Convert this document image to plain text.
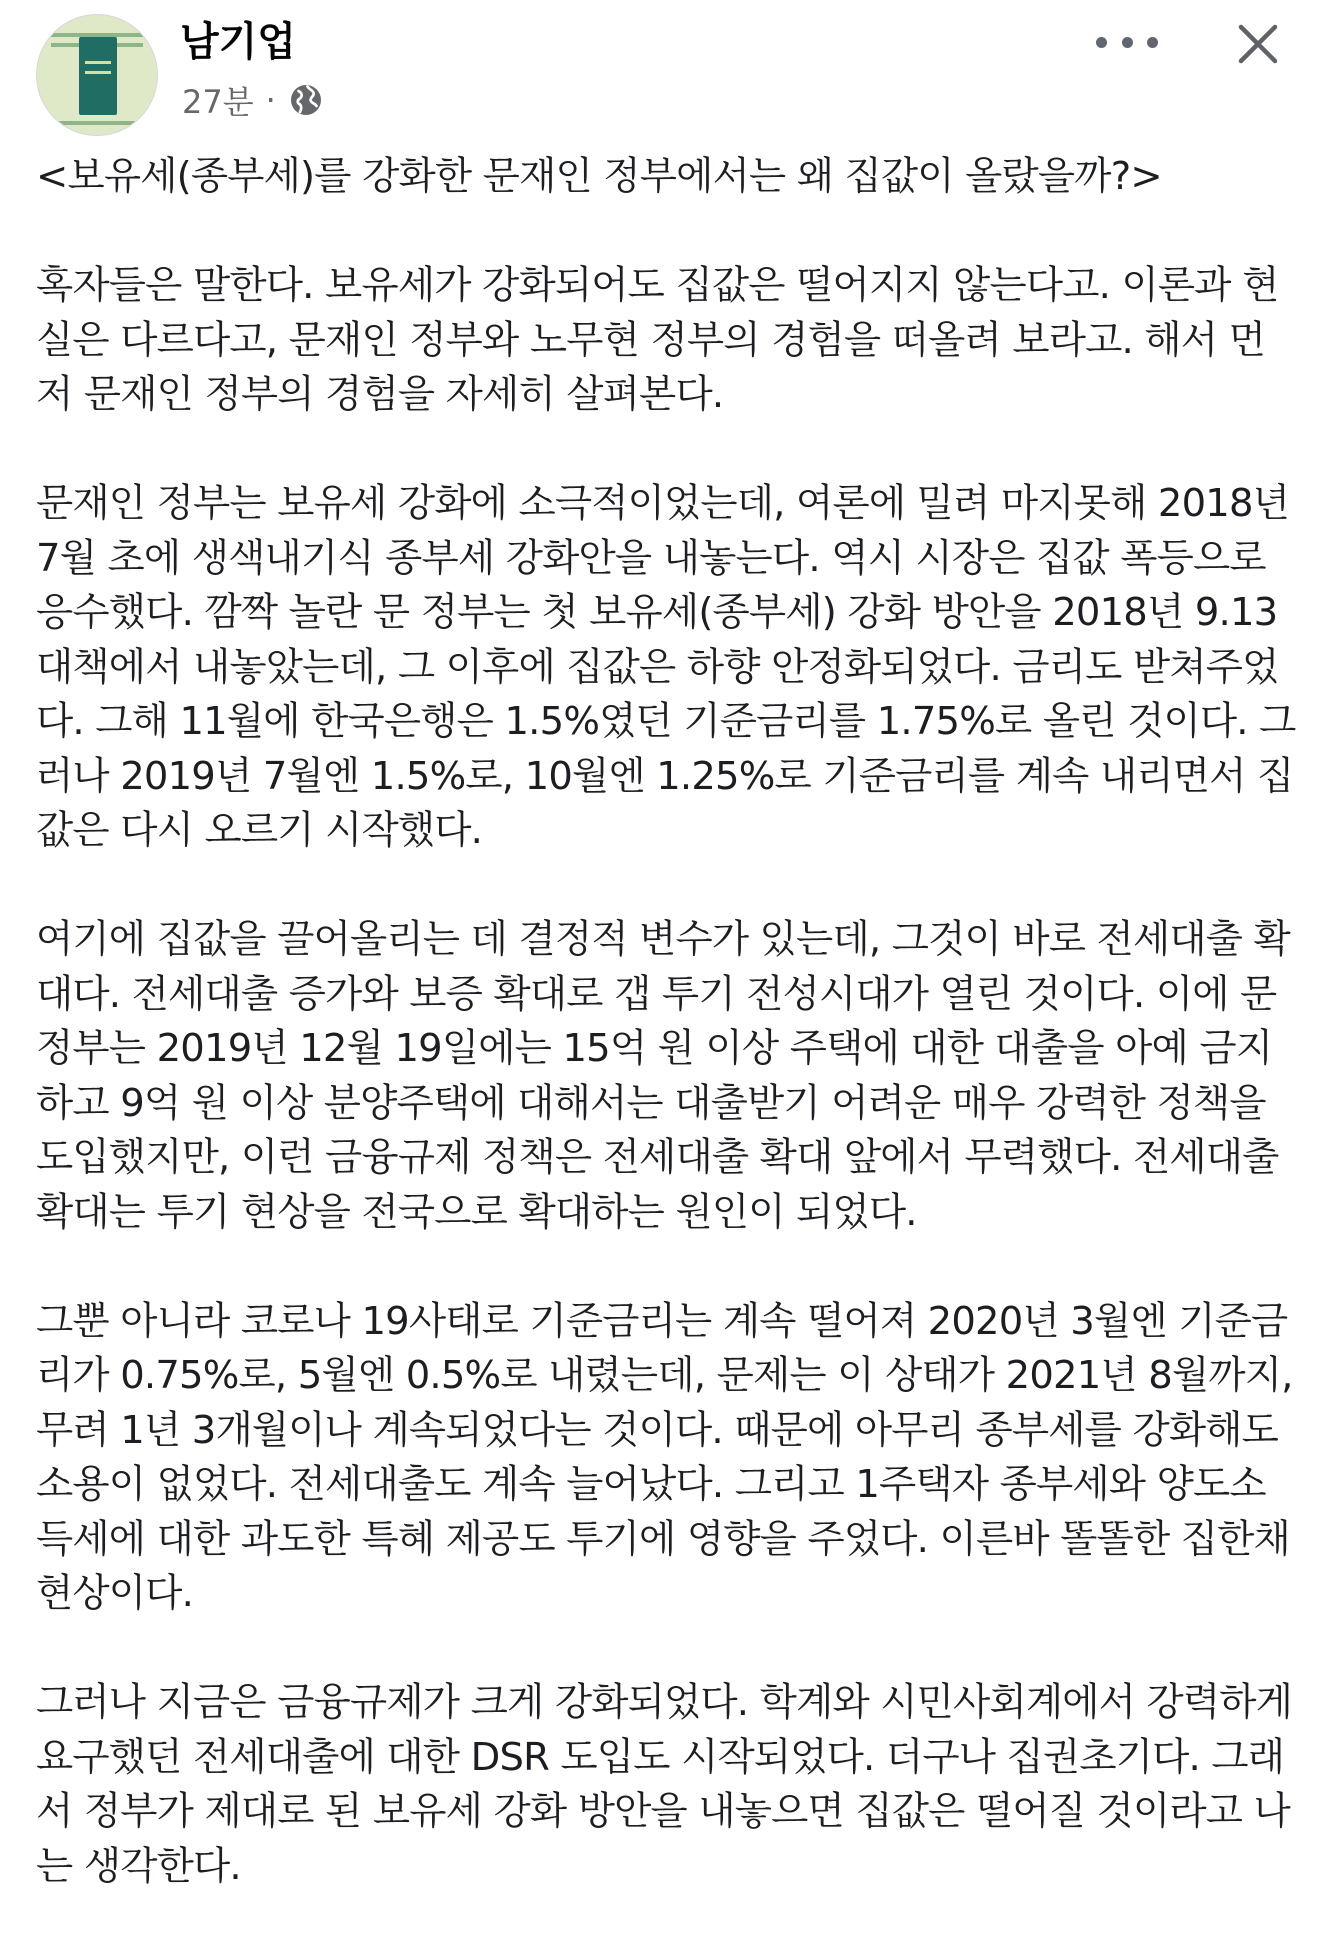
남기업
27분 ·

<보유세(종부세)를 강화한 문재인 정부에서는 왜 집값이 올랐을까?>

혹자들은 말한다. 보유세가 강화되어도 집값은 떨어지지 않는다고. 이론과 현실은 다르다고, 문재인 정부와 노무현 정부의 경험을 떠올려 보라고. 해서 먼저 문재인 정부의 경험을 자세히 살펴본다.

문재인 정부는 보유세 강화에 소극적이었는데, 여론에 밀려 마지못해 2018년 7월 초에 생색내기식 종부세 강화안을 내놓는다. 역시 시장은 집값 폭등으로 응수했다. 깜짝 놀란 문 정부는 첫 보유세(종부세) 강화 방안을 2018년 9.13대책에서 내놓았는데, 그 이후에 집값은 하향 안정화되었다. 금리도 받쳐주었다. 그해 11월에 한국은행은 1.5%였던 기준금리를 1.75%로 올린 것이다. 그러나 2019년 7월엔 1.5%로, 10월엔 1.25%로 기준금리를 계속 내리면서 집값은 다시 오르기 시작했다.

여기에 집값을 끌어올리는 데 결정적 변수가 있는데, 그것이 바로 전세대출 확대다. 전세대출 증가와 보증 확대로 갭 투기 전성시대가 열린 것이다. 이에 문 정부는 2019년 12월 19일에는 15억 원 이상 주택에 대한 대출을 아예 금지하고 9억 원 이상 분양주택에 대해서는 대출받기 어려운 매우 강력한 정책을 도입했지만, 이런 금융규제 정책은 전세대출 확대 앞에서 무력했다. 전세대출 확대는 투기 현상을 전국으로 확대하는 원인이 되었다.

그뿐 아니라 코로나 19사태로 기준금리는 계속 떨어져 2020년 3월엔 기준금리가 0.75%로, 5월엔 0.5%로 내렸는데, 문제는 이 상태가 2021년 8월까지, 무려 1년 3개월이나 계속되었다는 것이다. 때문에 아무리 종부세를 강화해도 소용이 없었다. 전세대출도 계속 늘어났다. 그리고 1주택자 종부세와 양도소득세에 대한 과도한 특혜 제공도 투기에 영향을 주었다. 이른바 똘똘한 집한채 현상이다.

그러나 지금은 금융규제가 크게 강화되었다. 학계와 시민사회계에서 강력하게 요구했던 전세대출에 대한 DSR 도입도 시작되었다. 더구나 집권초기다. 그래서 정부가 제대로 된 보유세 강화 방안을 내놓으면 집값은 떨어질 것이라고 나는 생각한다.
